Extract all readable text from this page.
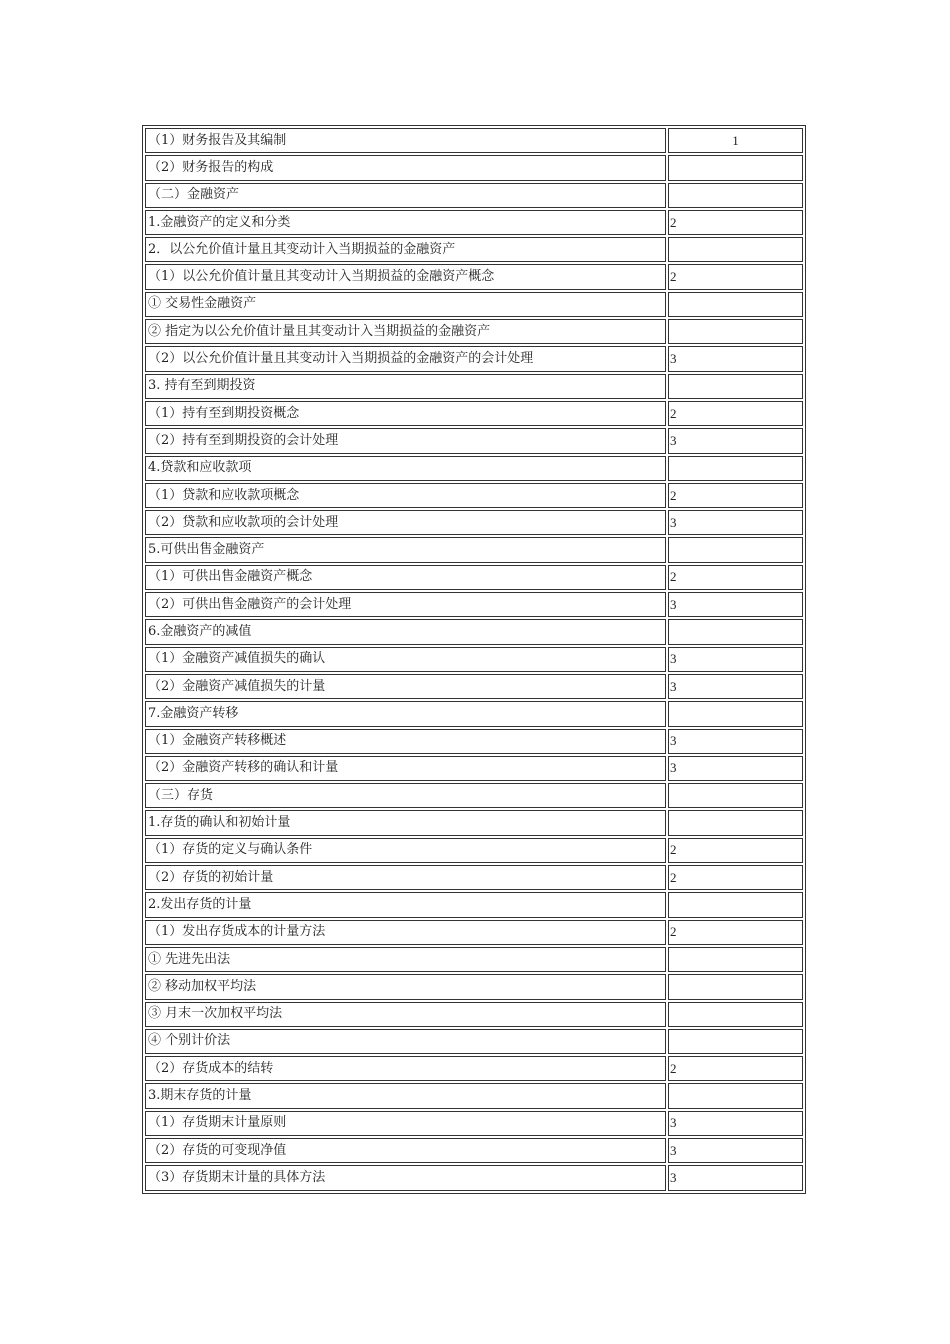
（1）财务报告及其编制	1
（2）财务报告的构成	
（二）金融资产	
1.金融资产的定义和分类	2
2．以公允价值计量且其变动计入当期损益的金融资产	
（1）以公允价值计量且其变动计入当期损益的金融资产概念	2
① 交易性金融资产	
② 指定为以公允价值计量且其变动计入当期损益的金融资产	
（2）以公允价值计量且其变动计入当期损益的金融资产的会计处理	3
3. 持有至到期投资	
（1）持有至到期投资概念	2
（2）持有至到期投资的会计处理	3
4.贷款和应收款项	
（1）贷款和应收款项概念	2
（2）贷款和应收款项的会计处理	3
5.可供出售金融资产	
（1）可供出售金融资产概念	2
（2）可供出售金融资产的会计处理	3
6.金融资产的减值	
（1）金融资产减值损失的确认	3
（2）金融资产减值损失的计量	3
7.金融资产转移	
（1）金融资产转移概述	3
（2）金融资产转移的确认和计量	3
（三）存货	
1.存货的确认和初始计量	
（1）存货的定义与确认条件	2
（2）存货的初始计量	2
2.发出存货的计量	
（1）发出存货成本的计量方法	2
① 先进先出法	
② 移动加权平均法	
③ 月末一次加权平均法	
④ 个别计价法	
（2）存货成本的结转	2
3.期末存货的计量	
（1）存货期末计量原则	3
（2）存货的可变现净值	3
（3）存货期末计量的具体方法	3
